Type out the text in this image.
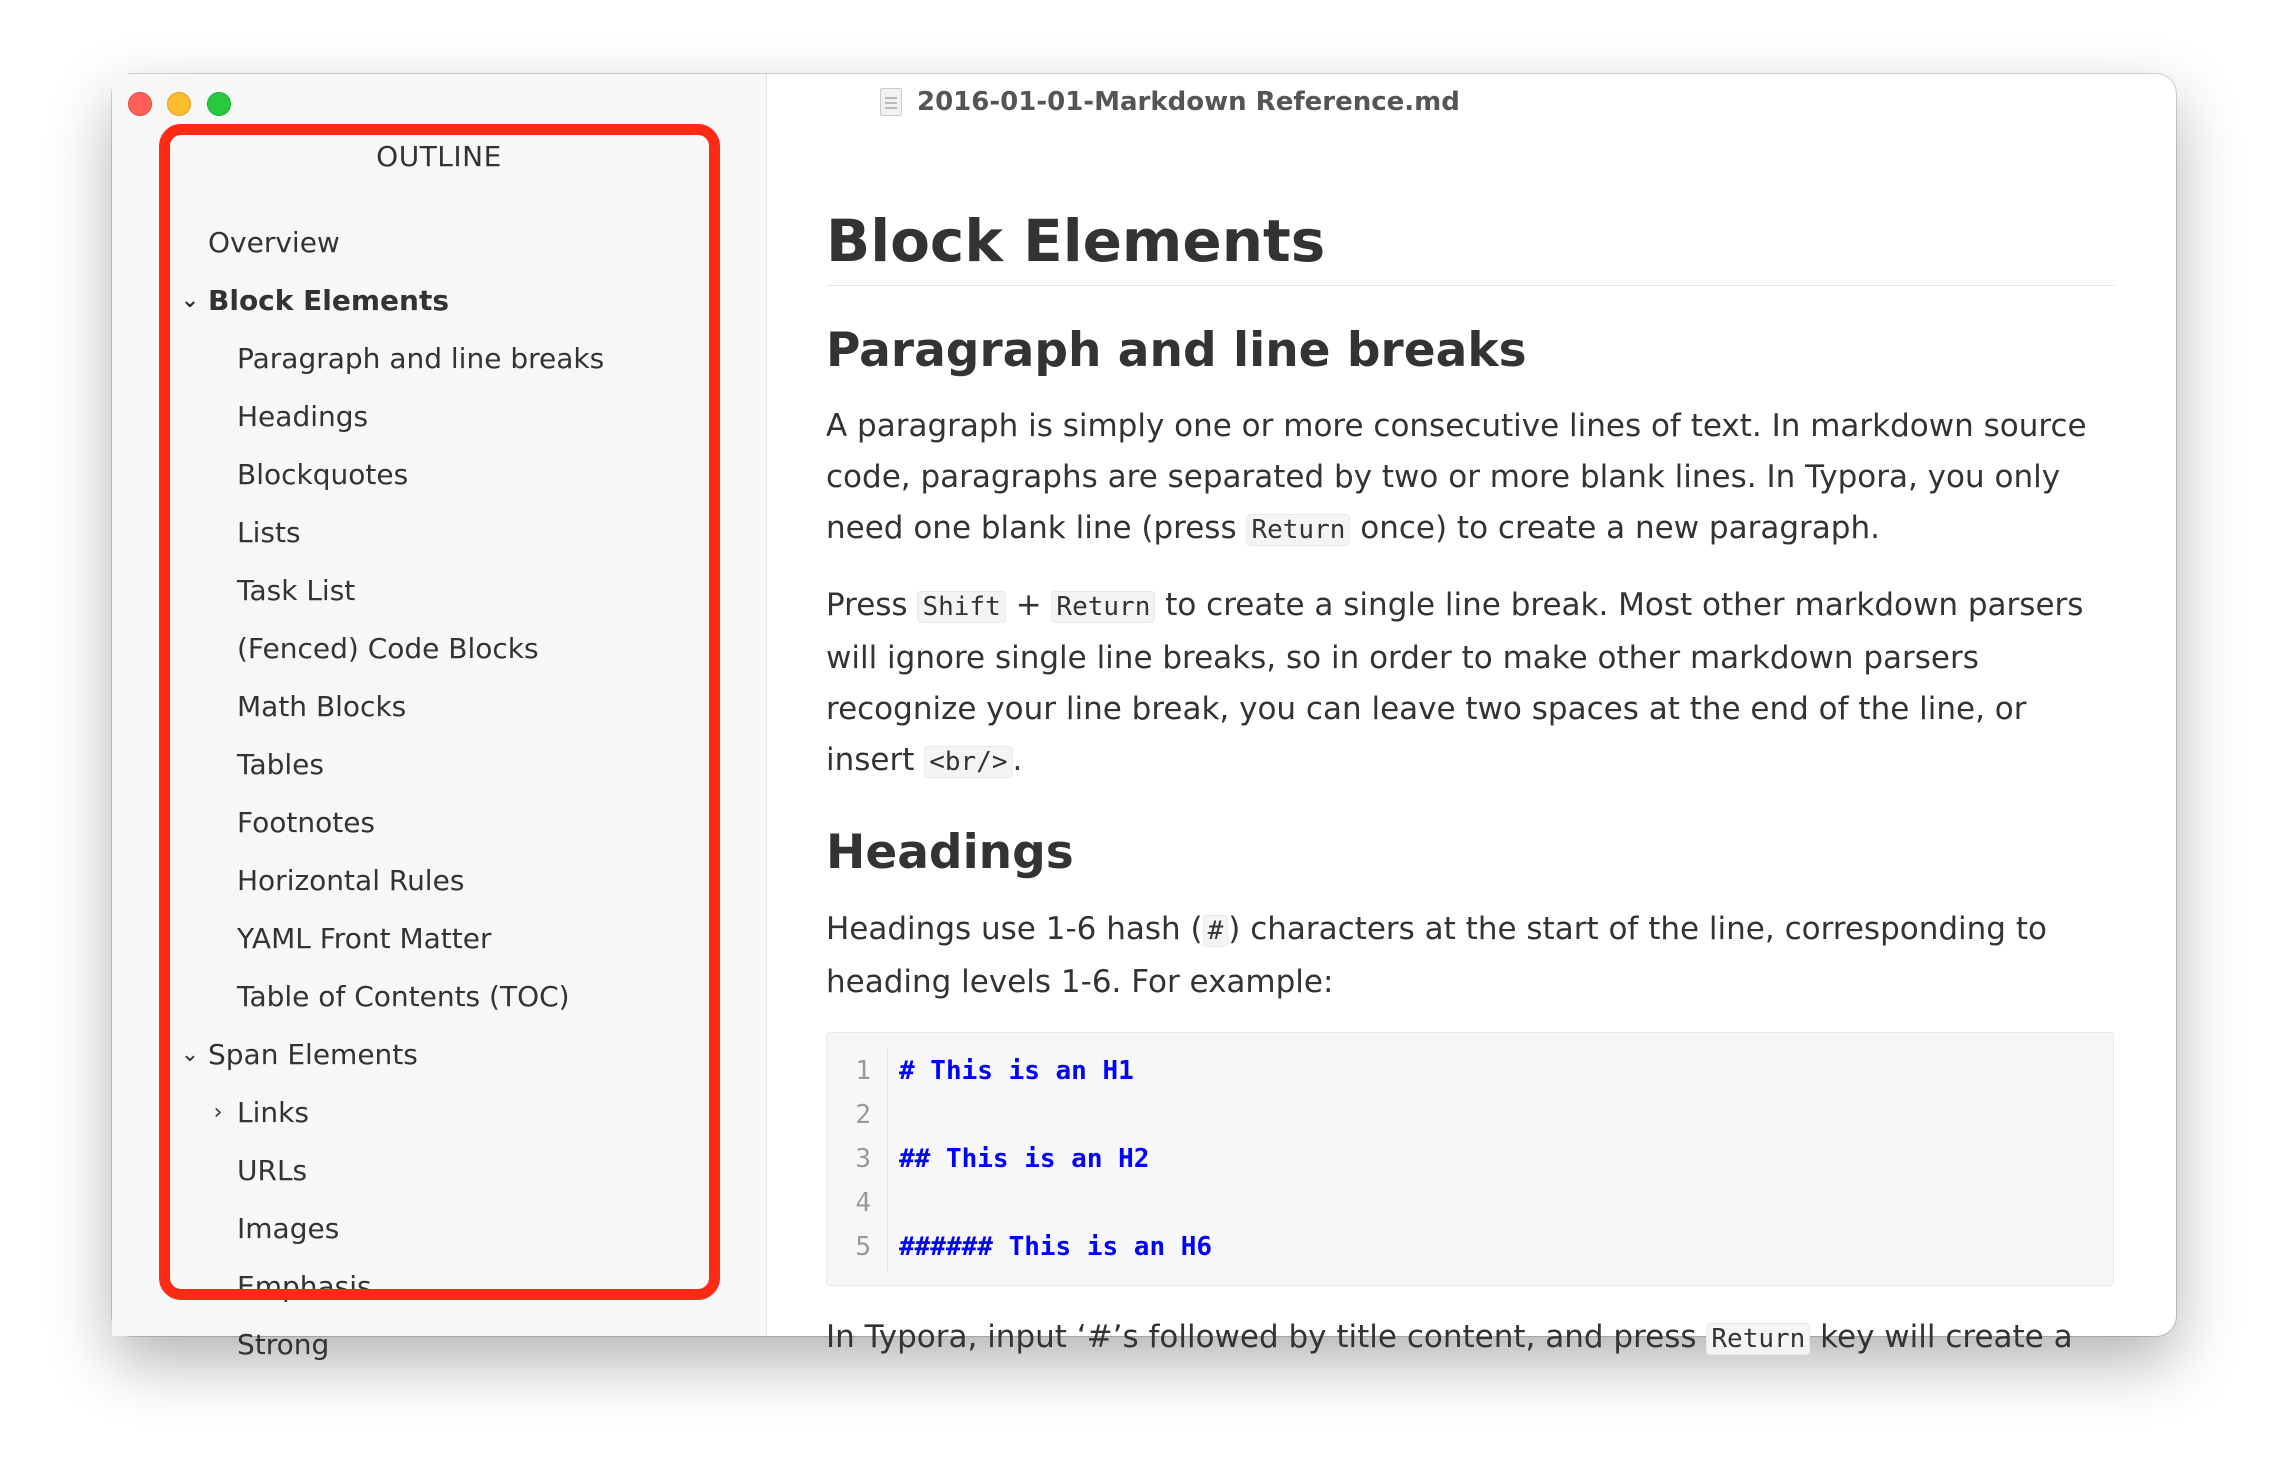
OUTLINE
Overview
⌄ Block Elements
Paragraph and line breaks
Headings
Blockquotes
Lists
Task List
(Fenced) Code Blocks
Math Blocks
Tables
Footnotes
Horizontal Rules
YAML Front Matter
Table of Contents (TOC)
⌄ Span Elements
› Links
URLs
Images
Emphasis
Strong
2016-01-01-Markdown Reference.md
Block Elements
Paragraph and line breaks

A paragraph is simply one or more consecutive lines of text. In markdown source code, paragraphs are separated by two or more blank lines. In Typora, you only need one blank line (press Return once) to create a new paragraph.

Press Shift + Return to create a single line break. Most other markdown parsers will ignore single line breaks, so in order to make other markdown parsers recognize your line break, you can leave two spaces at the end of the line, or insert <br/> .

Headings

Headings use 1-6 hash ( # ) characters at the start of the line, corresponding to heading levels 1-6. For example:

1 # This is an H1
2
3 ## This is an H2
4
5 ###### This is an H6

In Typora, input ‘#’s followed by title content, and press Return key will create a
